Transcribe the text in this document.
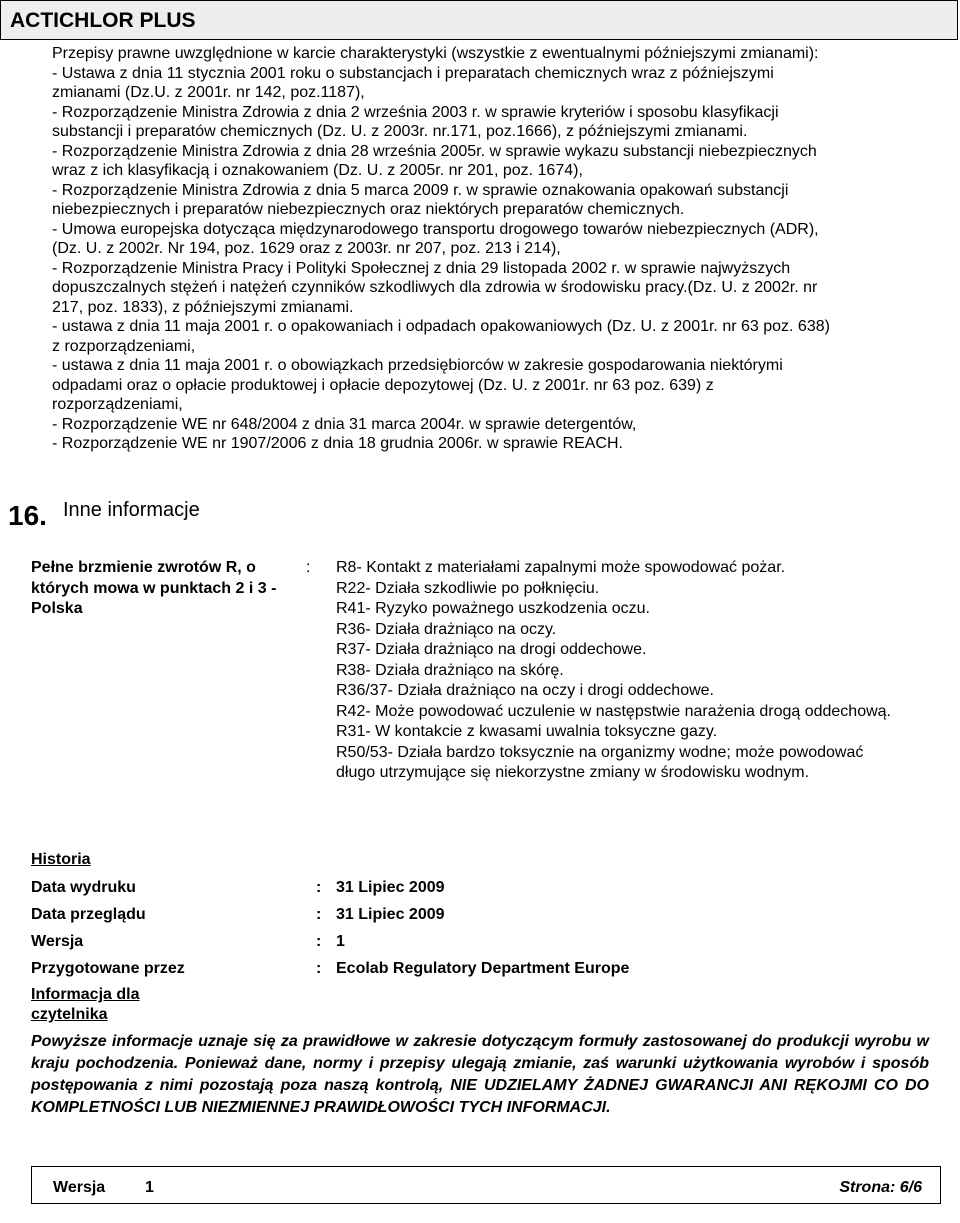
ACTICHLOR PLUS
Przepisy prawne uwzględnione w karcie charakterystyki (wszystkie z ewentualnymi późniejszymi zmianami):
- Ustawa z dnia 11 stycznia 2001 roku o substancjach i preparatach chemicznych wraz z późniejszymi
zmianami (Dz.U. z 2001r. nr 142, poz.1187),
- Rozporządzenie Ministra Zdrowia z dnia 2 września 2003 r. w sprawie kryteriów i sposobu klasyfikacji
substancji i preparatów chemicznych (Dz. U. z 2003r. nr.171, poz.1666), z późniejszymi zmianami.
- Rozporządzenie Ministra Zdrowia z dnia 28 września 2005r. w sprawie wykazu substancji niebezpiecznych
wraz z ich klasyfikacją i oznakowaniem (Dz. U. z 2005r. nr 201, poz. 1674),
- Rozporządzenie Ministra Zdrowia z dnia 5 marca 2009 r. w sprawie oznakowania opakowań substancji
niebezpiecznych i preparatów niebezpiecznych oraz niektórych preparatów chemicznych.
- Umowa europejska dotycząca międzynarodowego transportu drogowego towarów niebezpiecznych (ADR),
(Dz. U. z 2002r. Nr 194, poz. 1629 oraz z 2003r. nr 207, poz. 213 i 214),
- Rozporządzenie Ministra Pracy i Polityki Społecznej z dnia 29 listopada 2002 r. w sprawie najwyższych
dopuszczalnych stężeń i natężeń czynników szkodliwych dla zdrowia w środowisku pracy.(Dz. U. z 2002r. nr
217, poz. 1833), z późniejszymi zmianami.
- ustawa z dnia 11 maja 2001 r. o opakowaniach i odpadach opakowaniowych (Dz. U. z 2001r. nr 63 poz. 638)
z rozporządzeniami,
- ustawa z dnia 11 maja 2001 r. o obowiązkach przedsiębiorców w zakresie gospodarowania niektórymi
odpadami oraz o opłacie produktowej i opłacie depozytowej (Dz. U. z 2001r. nr 63 poz. 639) z
rozporządzeniami,
- Rozporządzenie WE nr 648/2004 z dnia 31 marca 2004r. w sprawie detergentów,
- Rozporządzenie WE nr 1907/2006 z dnia 18 grudnia 2006r. w sprawie REACH.
16. Inne informacje
Pełne brzmienie zwrotów R, o których mowa w punktach 2 i 3 - Polska
: R8- Kontakt z materiałami zapalnymi może spowodować pożar.
R22- Działa szkodliwie po połknięciu.
R41- Ryzyko poważnego uszkodzenia oczu.
R36- Działa drażniąco na oczy.
R37- Działa drażniąco na drogi oddechowe.
R38- Działa drażniąco na skórę.
R36/37- Działa drażniąco na oczy i drogi oddechowe.
R42- Może powodować uczulenie w następstwie narażenia drogą oddechową.
R31- W kontakcie z kwasami uwalnia toksyczne gazy.
R50/53- Działa bardzo toksycznie na organizmy wodne; może powodować długo utrzymujące się niekorzystne zmiany w środowisku wodnym.
Historia
Data wydruku	: 31 Lipiec 2009
Data przeglądu	: 31 Lipiec 2009
Wersja	: 1
Przygotowane przez	: Ecolab Regulatory Department Europe
Informacja dla czytelnika
Powyższe informacje uznaje się za prawidłowe w zakresie dotyczącym formuły zastosowanej do produkcji wyrobu w kraju pochodzenia. Ponieważ dane, normy i przepisy ulegają zmianie, zaś warunki użytkowania wyrobów i sposób postępowania z nimi pozostają poza naszą kontrolą, NIE UDZIELAMY ŻADNEJ GWARANCJI ANI RĘKOJMI CO DO KOMPLETNOŚCI LUB NIEZMIENNEJ PRAWIDŁOWOŚCI TYCH INFORMACJI.
Wersja 1	Strona: 6/6
